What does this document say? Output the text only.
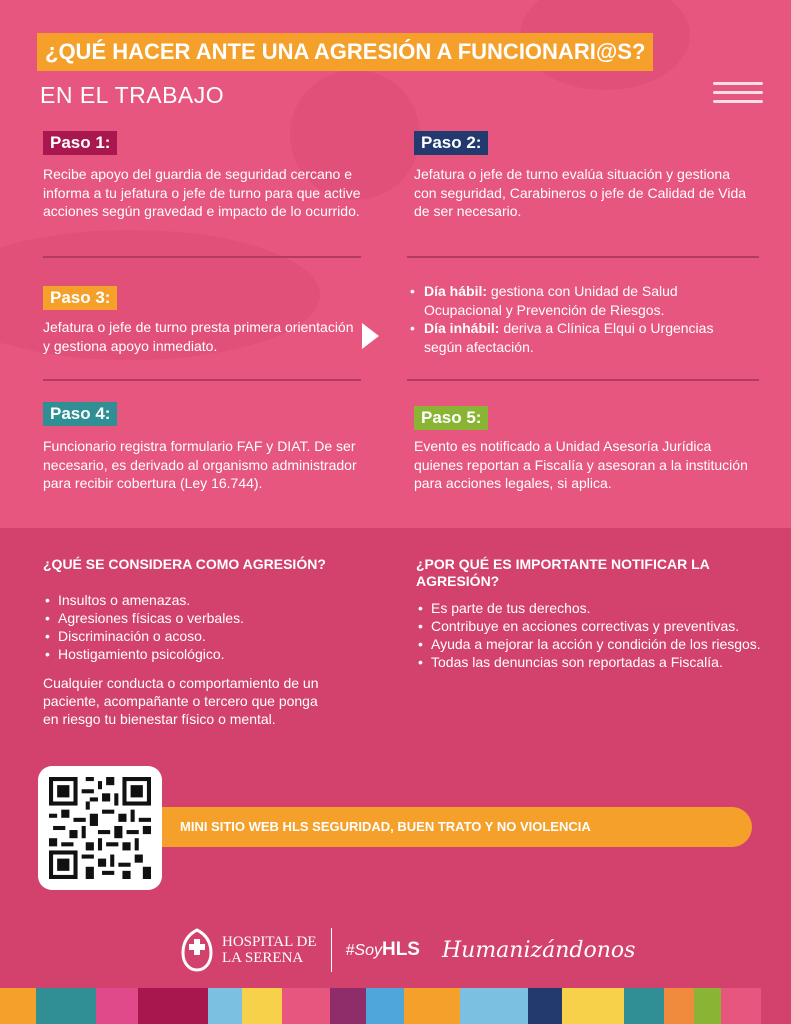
¿QUÉ HACER ANTE UNA AGRESIÓN A FUNCIONARI@S?
EN EL TRABAJO
Paso 1:
Recibe apoyo del guardia de seguridad cercano e informa a tu jefatura o jefe de turno para que active acciones según gravedad e impacto de lo ocurrido.
Paso 2:
Jefatura o jefe de turno evalúa situación y gestiona con seguridad, Carabineros o jefe de Calidad de Vida de ser necesario.
Paso 3:
Jefatura o jefe de turno presta primera orientación y gestiona apoyo inmediato.
• Día hábil: gestiona con Unidad de Salud Ocupacional y Prevención de Riesgos.
• Día inhábil: deriva a Clínica Elqui o Urgencias según afectación.
Paso 4:
Funcionario registra formulario FAF y DIAT. De ser necesario, es derivado al organismo administrador para recibir cobertura (Ley 16.744).
Paso 5:
Evento es notificado a Unidad Asesoría Jurídica quienes reportan a Fiscalía y asesoran a la institución para acciones legales, si aplica.
¿QUÉ SE CONSIDERA COMO AGRESIÓN?
• Insultos o amenazas.
• Agresiones físicas o verbales.
• Discriminación o acoso.
• Hostigamiento psicológico.
Cualquier conducta o comportamiento de un paciente, acompañante o tercero que ponga en riesgo tu bienestar físico o mental.
¿POR QUÉ ES IMPORTANTE NOTIFICAR LA AGRESIÓN?
• Es parte de tus derechos.
• Contribuye en acciones correctivas y preventivas.
• Ayuda a mejorar la acción y condición de los riesgos.
• Todas las denuncias son reportadas a Fiscalía.
MINI SITIO WEB HLS SEGURIDAD, BUEN TRATO Y NO VIOLENCIA
HOSPITAL DE
LA SERENA	#SoyHLS Humanizándonos
